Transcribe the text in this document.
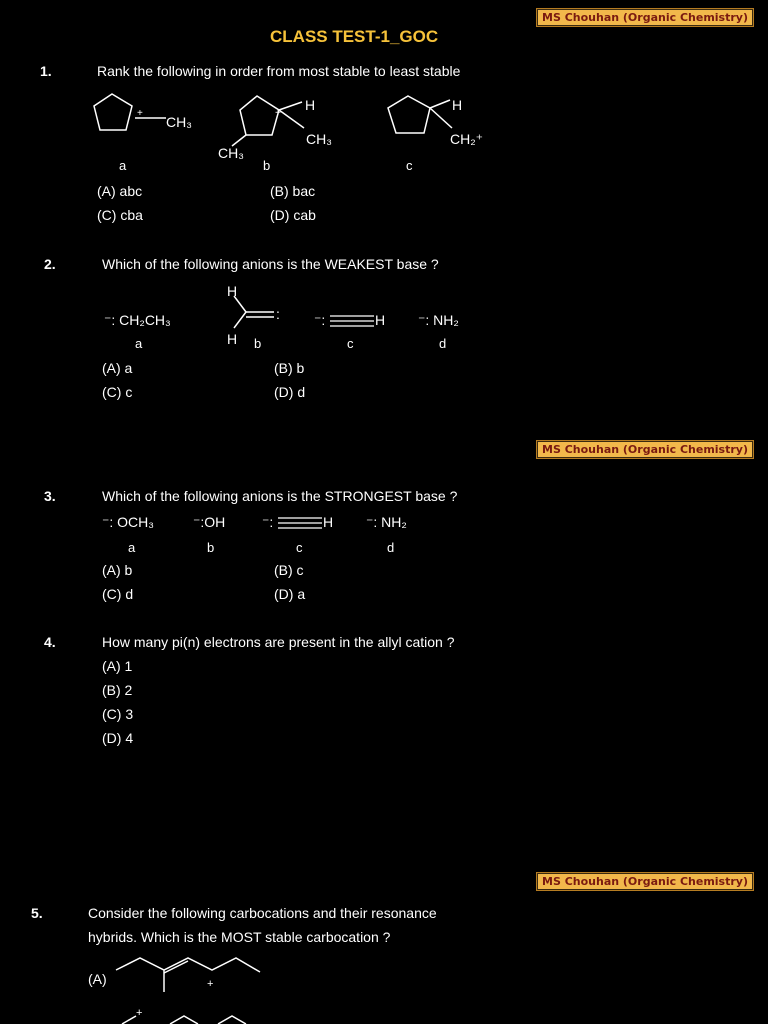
MS Chouhan (Organic Chemistry)
MS Chouhan (Organic Chemistry)
MS Chouhan (Organic Chemistry)
CLASS TEST-1_GOC
1.	Rank the following in order from most stable to least stable
+
CH₃
+
H
CH₃
CH₃
H
CH₂⁺
a	b	c
(A) abc	(B) bac
(C) cba	(D) cab
2.	Which of the following anions is the WEAKEST base ?
⁻: CH₂CH₃
H
H
: ⁻:	H ⁻: NH₂
a	b	c	d
(A) a	(B) b
(C) c	(D) d
3.	Which of the following anions is the STRONGEST base ?
⁻: OCH₃	⁻:OH	⁻:	H ⁻: NH₂
a	b	c	d
(A) b	(B) c
(C) d	(D) a
4.	How many pi(n) electrons are present in the allyl cation ?
(A) 1
(B) 2
(C) 3
(D) 4
5.	Consider the following carbocations and their resonance
hybrids. Which is the MOST stable carbocation ?
(A)	+
+
